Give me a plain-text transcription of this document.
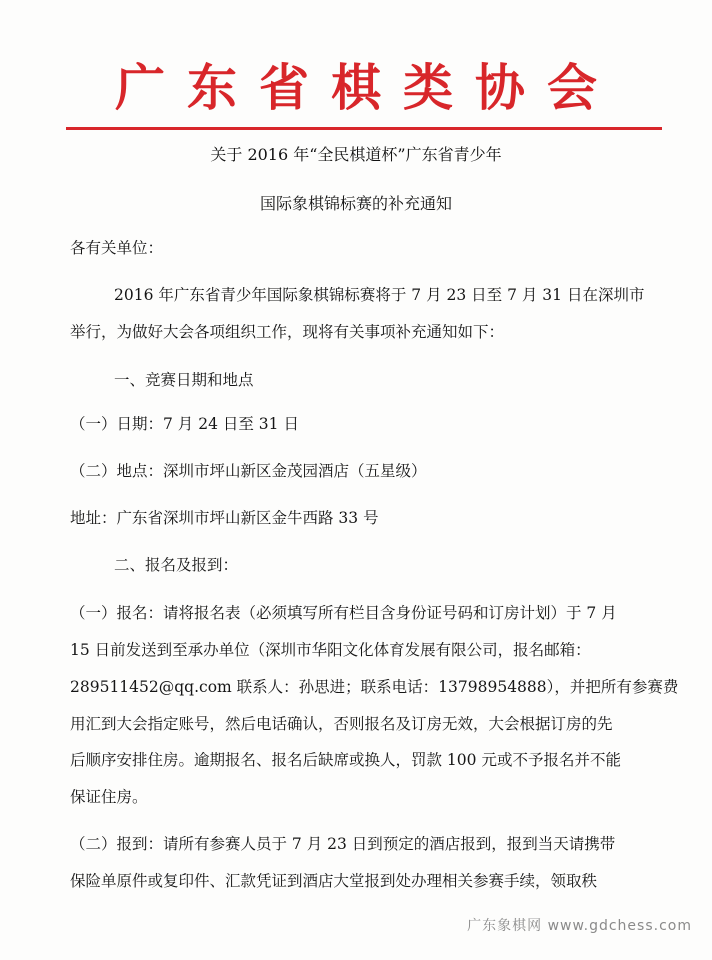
广东省棋类协会
关于 2016 年“全民棋道杯”广东省青少年
国际象棋锦标赛的补充通知
各有关单位：
2016 年广东省青少年国际象棋锦标赛将于 7 月 23 日至 7 月 31 日在深圳市
举行，为做好大会各项组织工作，现将有关事项补充通知如下：
一、竞赛日期和地点
（一）日期：7 月 24 日至 31 日
（二）地点：深圳市坪山新区金茂园酒店（五星级）
地址：广东省深圳市坪山新区金牛西路 33 号
二、报名及报到：
（一）报名：请将报名表（必须填写所有栏目含身份证号码和订房计划）于 7 月
15 日前发送到至承办单位（深圳市华阳文化体育发展有限公司，报名邮箱：
289511452@qq.com 联系人：孙思进；联系电话：13798954888），并把所有参赛费
用汇到大会指定账号，然后电话确认，否则报名及订房无效，大会根据订房的先
后顺序安排住房。逾期报名、报名后缺席或换人，罚款 100 元或不予报名并不能
保证住房。
（二）报到：请所有参赛人员于 7 月 23 日到预定的酒店报到，报到当天请携带
保险单原件或复印件、汇款凭证到酒店大堂报到处办理相关参赛手续，领取秩
广东象棋网 www.gdchess.com
